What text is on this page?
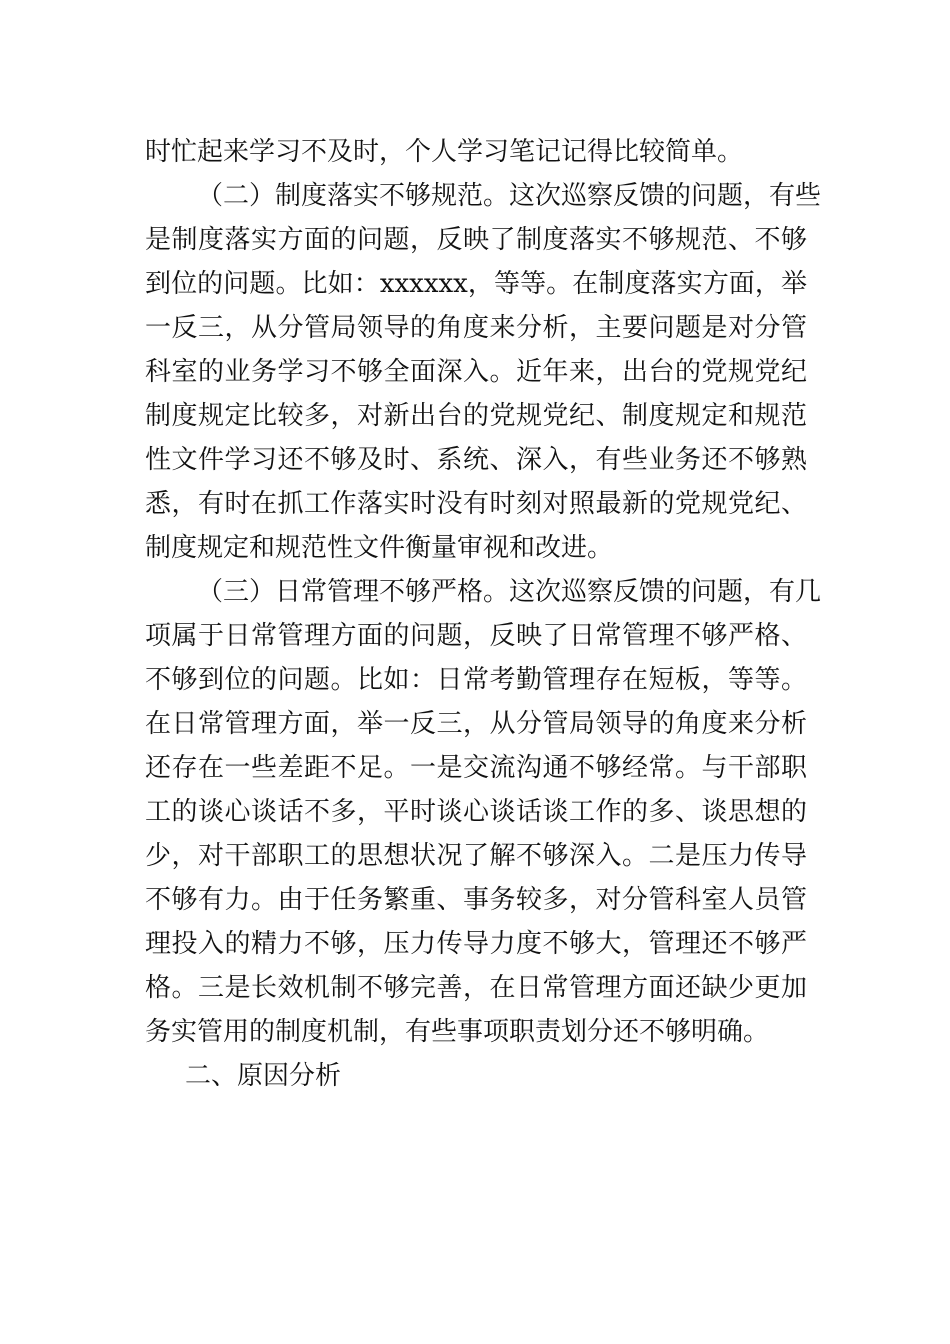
时忙起来学习不及时，个人学习笔记记得比较简单。
（二）制度落实不够规范。这次巡察反馈的问题，有些
是制度落实方面的问题，反映了制度落实不够规范、不够
到位的问题。比如：xxxxxx，等等。在制度落实方面，举
一反三，从分管局领导的角度来分析，主要问题是对分管
科室的业务学习不够全面深入。近年来，出台的党规党纪
制度规定比较多，对新出台的党规党纪、制度规定和规范
性文件学习还不够及时、系统、深入，有些业务还不够熟
悉，有时在抓工作落实时没有时刻对照最新的党规党纪、
制度规定和规范性文件衡量审视和改进。
（三）日常管理不够严格。这次巡察反馈的问题，有几
项属于日常管理方面的问题，反映了日常管理不够严格、
不够到位的问题。比如：日常考勤管理存在短板，等等。
在日常管理方面，举一反三，从分管局领导的角度来分析
还存在一些差距不足。一是交流沟通不够经常。与干部职
工的谈心谈话不多，平时谈心谈话谈工作的多、谈思想的
少，对干部职工的思想状况了解不够深入。二是压力传导
不够有力。由于任务繁重、事务较多，对分管科室人员管
理投入的精力不够，压力传导力度不够大，管理还不够严
格。三是长效机制不够完善，在日常管理方面还缺少更加
务实管用的制度机制，有些事项职责划分还不够明确。
二、原因分析
